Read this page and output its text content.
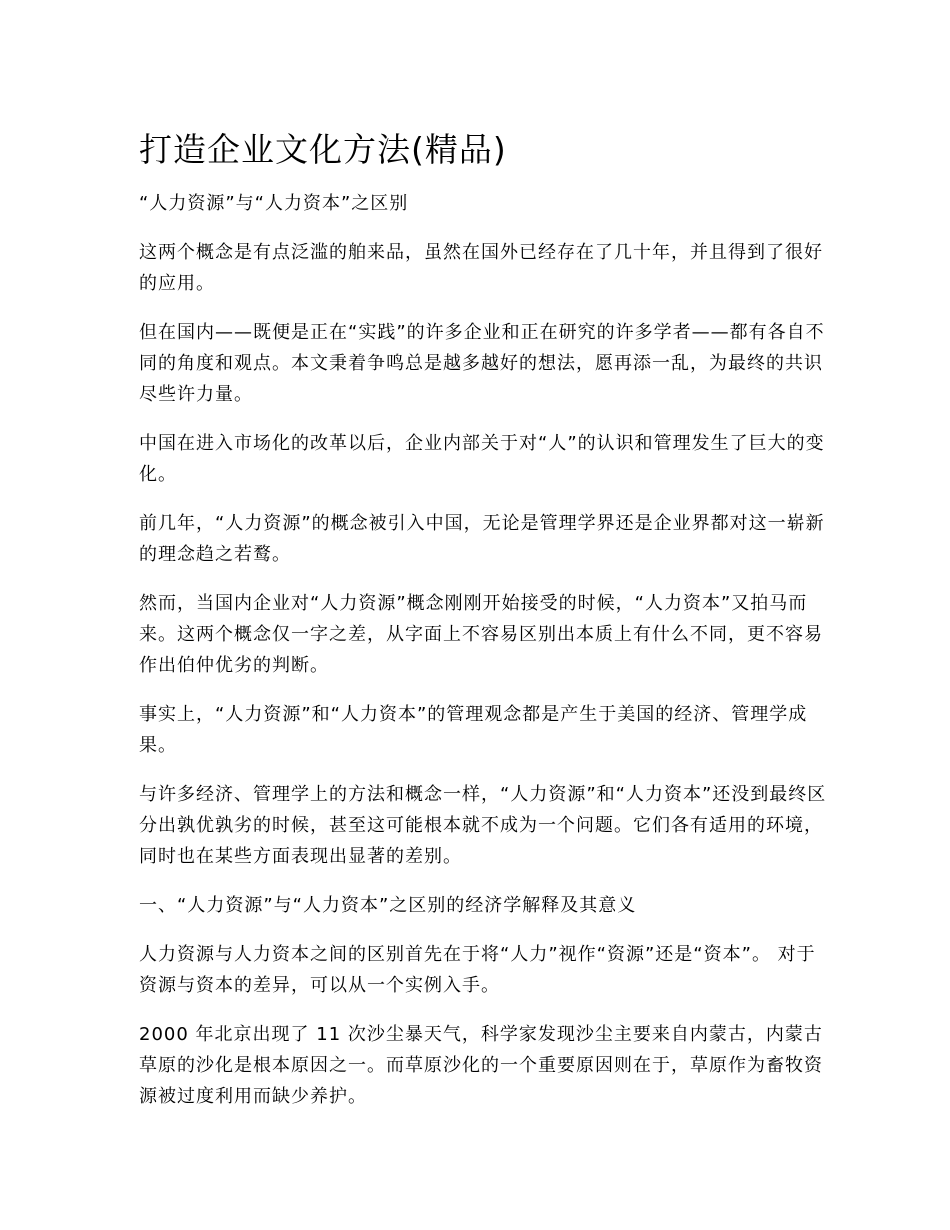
打造企业文化方法(精品)

“人力资源”与“人力资本”之区别

这两个概念是有点泛滥的舶来品，虽然在国外已经存在了几十年，并且得到了很好的应用。

但在国内——既便是正在“实践”的许多企业和正在研究的许多学者——都有各自不同的角度和观点。本文秉着争鸣总是越多越好的想法，愿再添一乱，为最终的共识尽些许力量。

中国在进入市场化的改革以后，企业内部关于对“人”的认识和管理发生了巨大的变化。

前几年，“人力资源”的概念被引入中国，无论是管理学界还是企业界都对这一崭新的理念趋之若鹜。

然而，当国内企业对“人力资源”概念刚刚开始接受的时候，“人力资本”又拍马而来。这两个概念仅一字之差，从字面上不容易区别出本质上有什么不同，更不容易作出伯仲优劣的判断。

事实上，“人力资源”和“人力资本”的管理观念都是产生于美国的经济、管理学成果。

与许多经济、管理学上的方法和概念一样，“人力资源”和“人力资本”还没到最终区分出孰优孰劣的时候，甚至这可能根本就不成为一个问题。它们各有适用的环境，同时也在某些方面表现出显著的差别。

一、“人力资源”与“人力资本”之区别的经济学解释及其意义

人力资源与人力资本之间的区别首先在于将“人力”视作“资源”还是“资本”。 对于资源与资本的差异，可以从一个实例入手。

2000 年北京出现了 11 次沙尘暴天气，科学家发现沙尘主要来自内蒙古，内蒙古草原的沙化是根本原因之一。而草原沙化的一个重要原因则在于，草原作为畜牧资源被过度利用而缺少养护。
